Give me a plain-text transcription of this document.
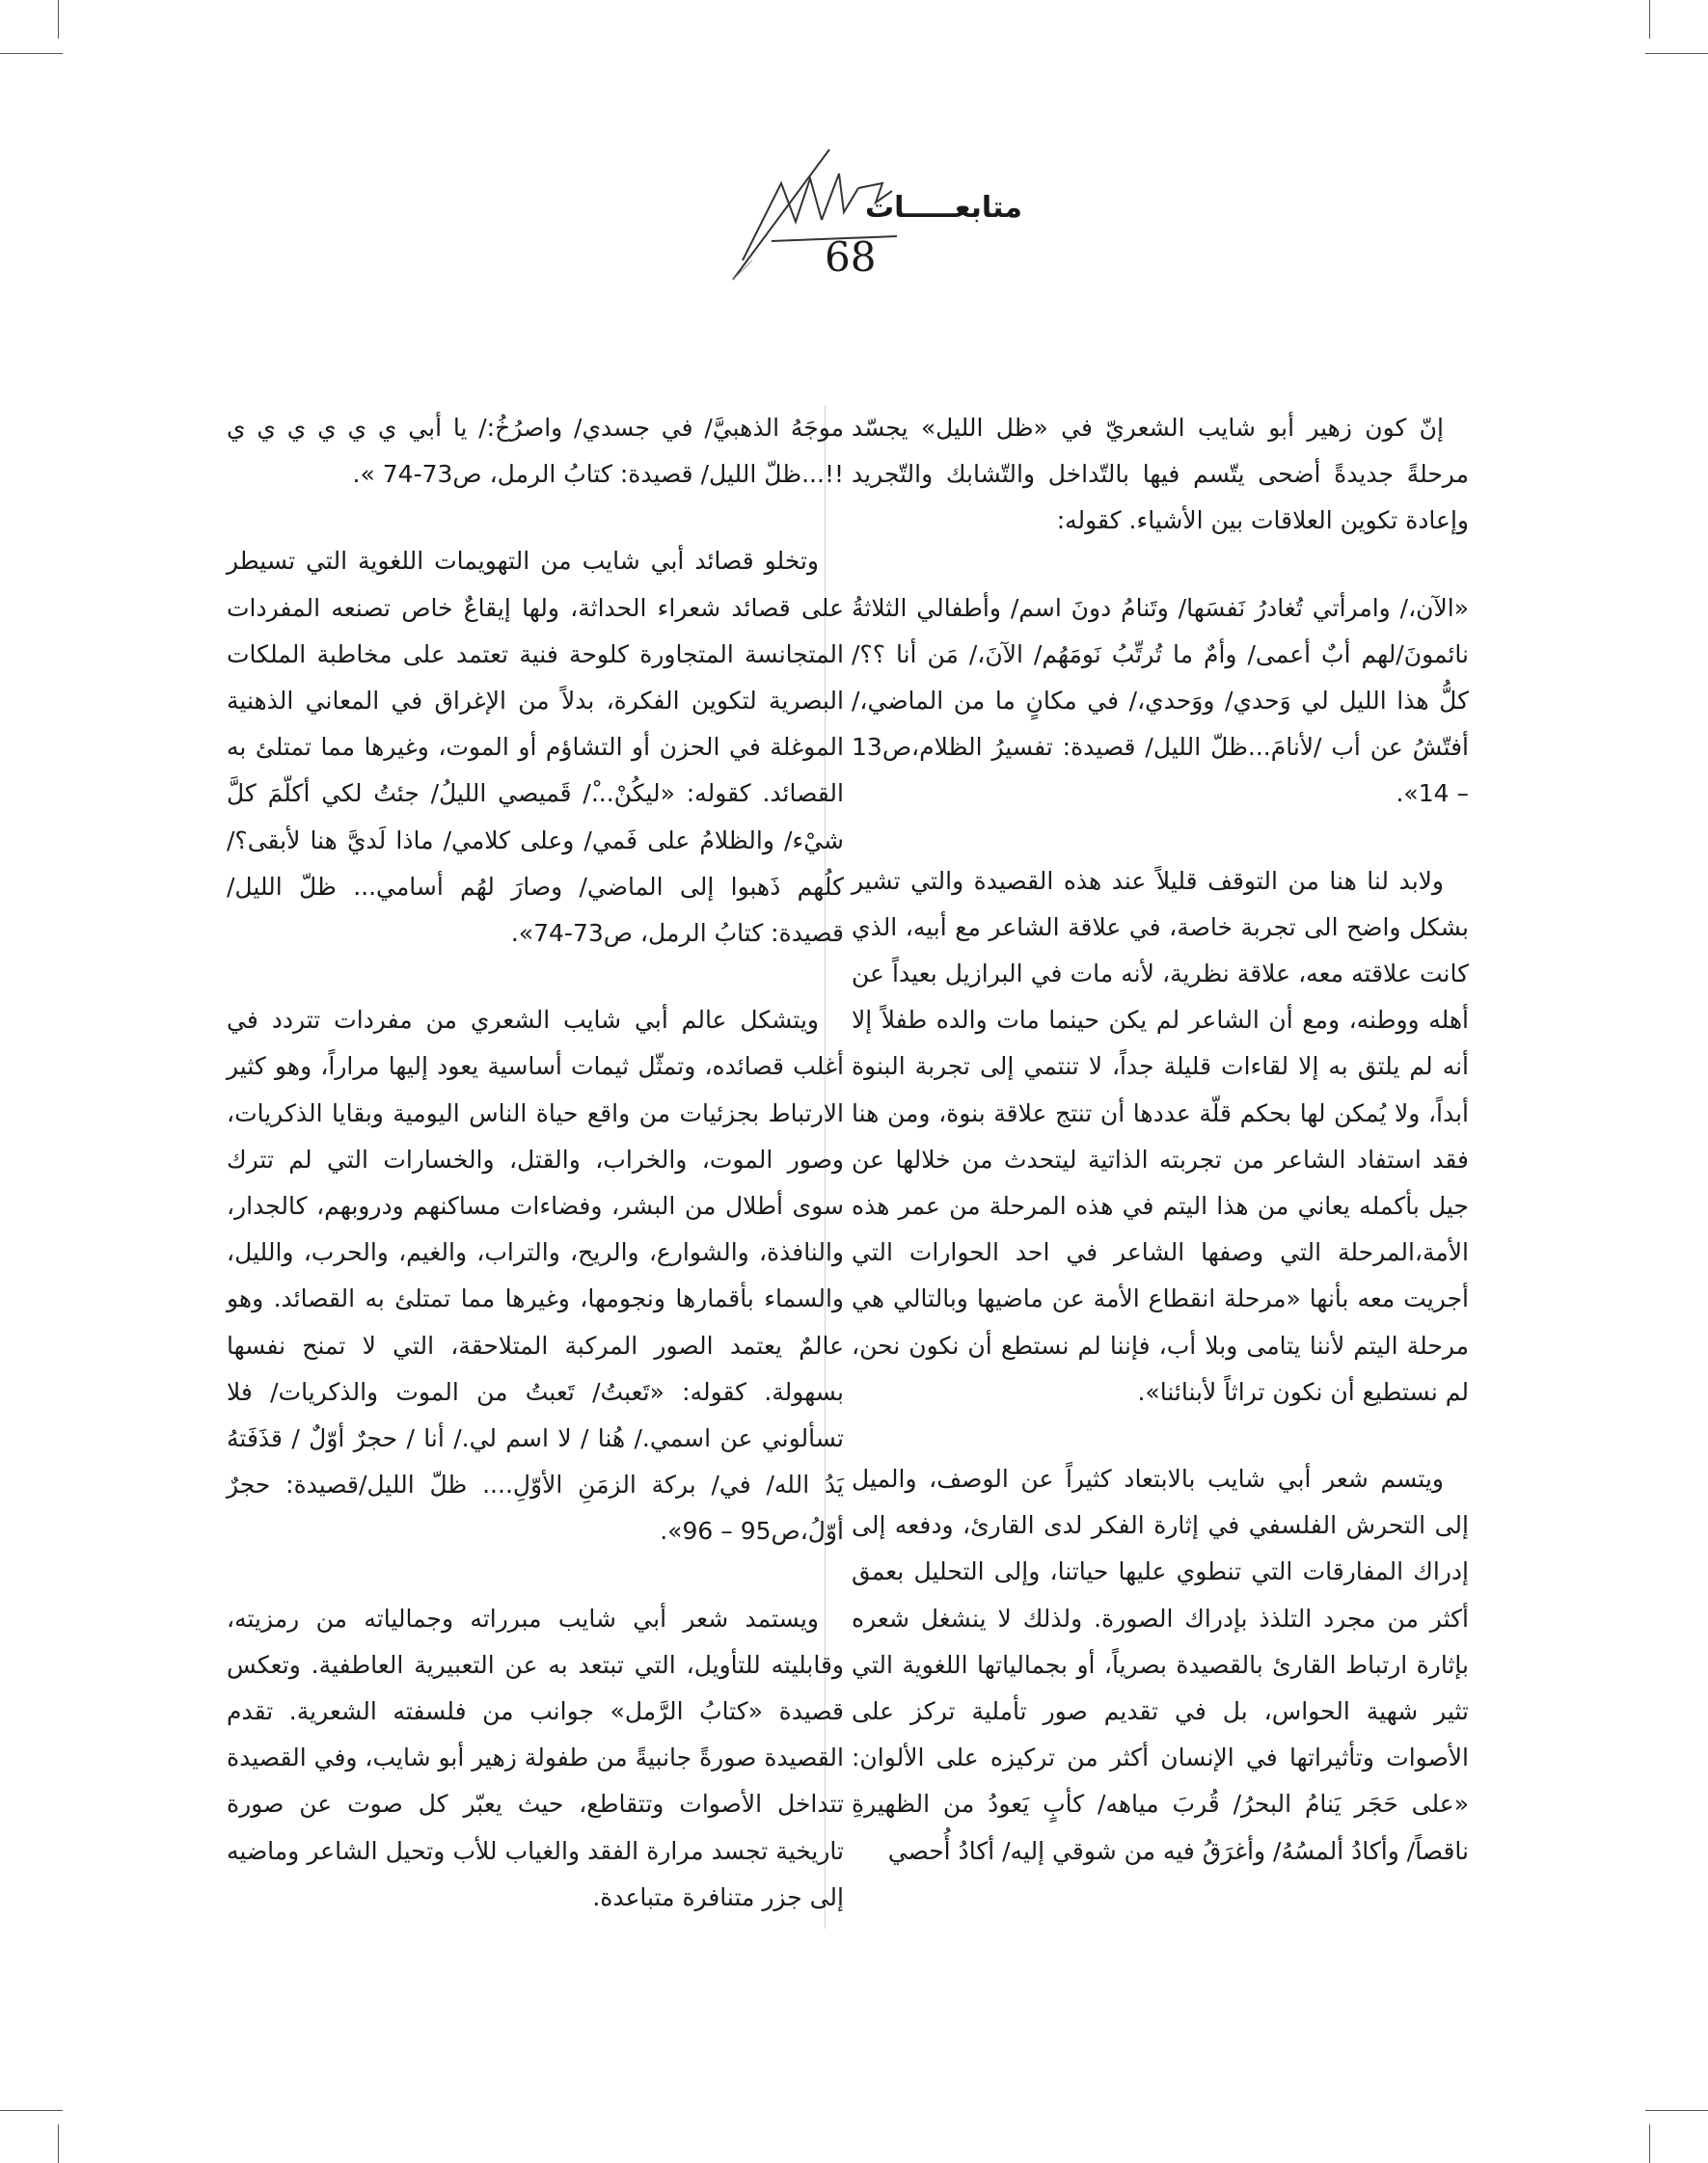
متابعـــــات
68

إنّ كون زهير أبو شايب الشعريّ في «ظل الليل» يجسّد مرحلةً جديدةً أضحى يتّسم فيها بالتّداخل والتّشابك والتّجريد وإعادة تكوين العلاقات بين الأشياء. كقوله:

«الآن،/ وامرأتي تُغادرُ نَفسَها/ وتَنامُ دونَ اسم/ وأطفالي الثلاثةُ نائمونَ/لهم أبٌ أعمى/ وأمٌ ما تُرتِّبُ نَومَهُم/ الآنَ،/ مَن أنا ؟؟/ كلُّ هذا الليل لي وَحدي/ ووَحدي،/ في مكانٍ ما من الماضي،/أفتّشُ عن أب /لأنامَ...ظلّ الليل/ قصيدة: تفسيرُ الظلام،ص13 – 14».

ولابد لنا هنا من التوقف قليلاً عند هذه القصيدة والتي تشير بشكل واضح الى تجربة خاصة، في علاقة الشاعر مع أبيه، الذي كانت علاقته معه، علاقة نظرية، لأنه مات في البرازيل بعيداً عن أهله ووطنه، ومع أن الشاعر لم يكن حينما مات والده طفلاً إلا أنه لم يلتق به إلا لقاءات قليلة جداً، لا تنتمي إلى تجربة البنوة أبداً، ولا يُمكن لها بحكم قلّة عددها أن تنتج علاقة بنوة، ومن هنا فقد استفاد الشاعر من تجربته الذاتية ليتحدث من خلالها عن جيل بأكمله يعاني من هذا اليتم في هذه المرحلة من عمر هذه الأمة،المرحلة التي وصفها الشاعر في احد الحوارات التي أجريت معه بأنها «مرحلة انقطاع الأمة عن ماضيها وبالتالي هي مرحلة اليتم لأننا يتامى وبلا أب، فإننا لم نستطع أن نكون نحن، لم نستطيع أن نكون تراثاً لأبنائنا».

ويتسم شعر أبي شايب بالابتعاد كثيراً عن الوصف، والميل إلى التحرش الفلسفي في إثارة الفكر لدى القارئ، ودفعه إلى إدراك المفارقات التي تنطوي عليها حياتنا، وإلى التحليل بعمق أكثر من مجرد التلذذ بإدراك الصورة. ولذلك لا ينشغل شعره بإثارة ارتباط القارئ بالقصيدة بصرياً، أو بجمالياتها اللغوية التي تثير شهية الحواس، بل في تقديم صور تأملية تركز على الأصوات وتأثيراتها في الإنسان أكثر من تركيزه على الألوان: «على حَجَر يَنامُ البحرُ/ قُربَ مياهه/ كأبٍ يَعودُ من الظهيرةِ ناقصاً/ وأكادُ ألمسُهُ/ وأغرَقُ فيه من شوقي إليه/ أكادُ أُحصي

موجَهُ الذهبيَّ/ في جسدي/ واصرُخُ:/ يا أبي ي ي ي ي ي ي !!...ظلّ الليل/ قصيدة: كتابُ الرمل، ص73-74 ».

وتخلو قصائد أبي شايب من التهويمات اللغوية التي تسيطر على قصائد شعراء الحداثة، ولها إيقاعٌ خاص تصنعه المفردات المتجانسة المتجاورة كلوحة فنية تعتمد على مخاطبة الملكات البصرية لتكوين الفكرة، بدلاً من الإغراق في المعاني الذهنية الموغلة في الحزن أو التشاؤم أو الموت، وغيرها مما تمتلئ به القصائد. كقوله: «ليكُنْ...ْ/ قَميصي الليلُ/ جئتُ لكي أكلّمَ كلَّ شيْء/ والظلامُ على فَمي/ وعلى كلامي/ ماذا لَديَّ هنا لأبقى؟/ كلُهم ذَهبوا إلى الماضي/ وصارَ لهُم أسامي... ظلّ الليل/ قصيدة: كتابُ الرمل، ص73-74».

ويتشكل عالم أبي شايب الشعري من مفردات تتردد في أغلب قصائده، وتمثّل ثيمات أساسية يعود إليها مراراً، وهو كثير الارتباط بجزئيات من واقع حياة الناس اليومية وبقايا الذكريات، وصور الموت، والخراب، والقتل، والخسارات التي لم تترك سوى أطلال من البشر، وفضاءات مساكنهم ودروبهم، كالجدار، والنافذة، والشوارع، والريح، والتراب، والغيم، والحرب، والليل، والسماء بأقمارها ونجومها، وغيرها مما تمتلئ به القصائد. وهو عالمٌ يعتمد الصور المركبة المتلاحقة، التي لا تمنح نفسها بسهولة. كقوله: «تَعبتُ/ تَعبتُ من الموت والذكريات/ فلا تسألوني عن اسمي./ هُنا / لا اسم لي./ أنا / حجرٌ أوّلٌ / قذَفَتهُ يَدُ الله/ في/ بركة الزمَنِ الأوّلِ.... ظلّ الليل/قصيدة: حجرٌ أوّلُ،ص95 – 96».

ويستمد شعر أبي شايب مبرراته وجمالياته من رمزيته، وقابليته للتأويل، التي تبتعد به عن التعبيرية العاطفية. وتعكس قصيدة «كتابُ الرَّمل» جوانب من فلسفته الشعرية. تقدم القصيدة صورةً جانبيةً من طفولة زهير أبو شايب، وفي القصيدة تتداخل الأصوات وتتقاطع، حيث يعبّر كل صوت عن صورة تاريخية تجسد مرارة الفقد والغياب للأب وتحيل الشاعر وماضيه إلى جزر متنافرة متباعدة.
